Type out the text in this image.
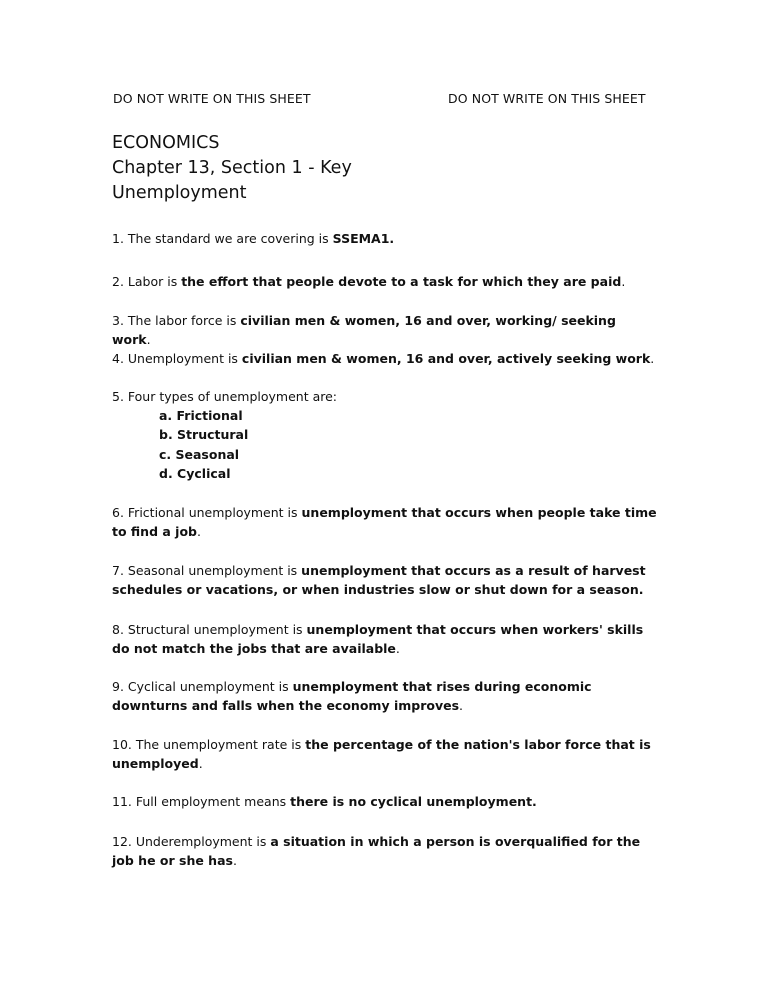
DO NOT WRITE ON THIS SHEET	DO NOT WRITE ON THIS SHEET
ECONOMICS
Chapter 13, Section 1 - Key
Unemployment
1. The standard we are covering is SSEMA1.
2. Labor is the effort that people devote to a task for which they are paid.
3. The labor force is civilian men & women, 16 and over, working/ seeking work.
4. Unemployment is civilian men & women, 16 and over, actively seeking work.
5. Four types of unemployment are:
a. Frictional
b. Structural
c. Seasonal
d. Cyclical
6. Frictional unemployment is unemployment that occurs when people take time to find a job.
7. Seasonal unemployment is unemployment that occurs as a result of harvest schedules or vacations, or when industries slow or shut down for a season.
8. Structural unemployment is unemployment that occurs when workers' skills do not match the jobs that are available.
9. Cyclical unemployment is unemployment that rises during economic downturns and falls when the economy improves.
10. The unemployment rate is the percentage of the nation's labor force that is unemployed.
11. Full employment means there is no cyclical unemployment.
12. Underemployment is a situation in which a person is overqualified for the job he or she has.
